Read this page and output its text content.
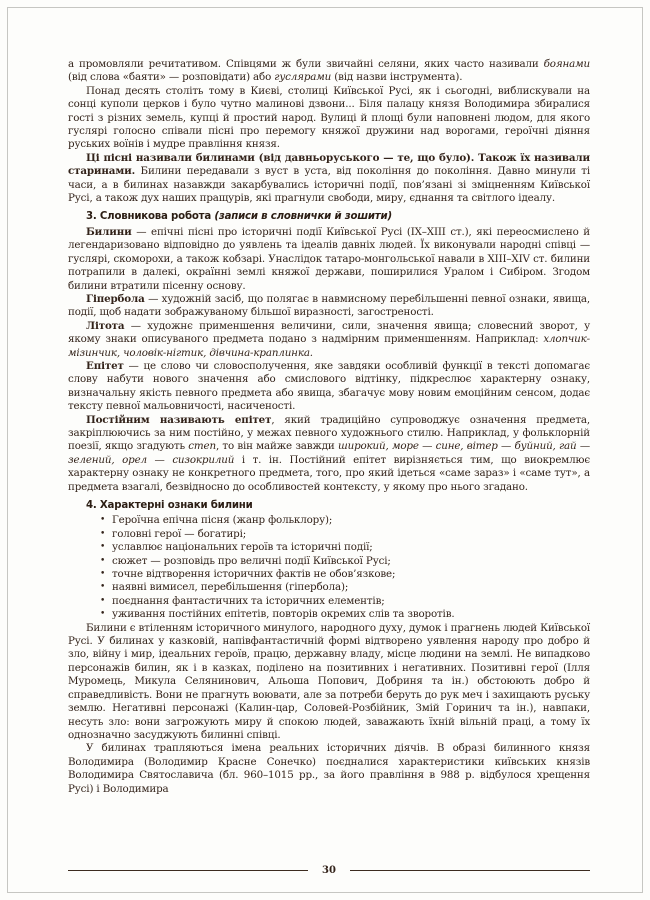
а промовляли речитативом. Співцями ж були звичайні селяни, яких часто називали боянами (від слова «баяти» — розповідати) або гуслярами (від назви інструмента).

Понад десять століть тому в Києві, столиці Київської Русі, як і сьогодні, виблискували на сонці куполи церков і було чутно малинові дзвони... Біля палацу князя Володимира збиралися гості з різних земель, купці й простий народ. Вулиці й площі були наповнені людом, для якого гуслярі голосно співали пісні про перемогу княжої дружини над ворогами, героїчні діяння руських воїнів і мудре правління князя.

Ці пісні називали билинами (від давньоруського — те, що було). Також їх називали старинами. Билини передавали з вуст в уста, від покоління до покоління. Давно минули ті часи, а в билинах назавжди закарбувались історичні події, пов’язані зі зміцненням Київської Русі, а також дух наших пращурів, які прагнули свободи, миру, єднання та світлого ідеалу.

3. Словникова робота (записи в словнички й зошити)

Билини — епічні пісні про історичні події Київської Русі (IX–XIII ст.), які переосмислено й легендаризовано відповідно до уявлень та ідеалів давніх людей. Їх виконували народні співці — гуслярі, скоморохи, а також кобзарі. Унаслідок татаро-монгольської навали в XIII–XIV ст. билини потрапили в далекі, окраїнні землі княжої держави, поширилися Уралом і Сибіром. Згодом билини втратили пісенну основу.

Гіпербола — художній засіб, що полягає в навмисному перебільшенні певної ознаки, явища, події, щоб надати зображуваному більшої виразності, загостреності.

Літота — художнє применшення величини, сили, значення явища; словесний зворот, у якому знаки описуваного предмета подано з надмірним применшенням. Наприклад: хлопчик-мізинчик, чоловік-нігтик, дівчина-краплинка.

Епітет — це слово чи словосполучення, яке завдяки особливій функції в тексті допомагає слову набути нового значення або смислового відтінку, підкреслює характерну ознаку, визначальну якість певного предмета або явища, збагачує мову новим емоційним сенсом, додає тексту певної мальовничості, насиченості.

Постійним називають епітет, який традиційно супроводжує означення предмета, закріплюючись за ним постійно, у межах певного художнього стилю. Наприклад, у фольклорній поезії, якщо згадують степ, то він майже завжди широкий, море — сине, вітер — буйний, гай — зелений, орел — сизокрилий і т. ін. Постійний епітет вирізняється тим, що виокремлює характерну ознаку не конкретного предмета, того, про який ідеться «саме зараз» і «саме тут», а предмета взагалі, безвідносно до особливостей контексту, у якому про нього згадано.

4. Характерні ознаки билини
• Героїчна епічна пісня (жанр фольклору);
• головні герої — богатирі;
• уславлює національних героїв та історичні події;
• сюжет — розповідь про величні події Київської Русі;
• точне відтворення історичних фактів не обов’язкове;
• наявні вимисел, перебільшення (гіпербола);
• поєднання фантастичних та історичних елементів;
• уживання постійних епітетів, повторів окремих слів та зворотів.

Билини є втіленням історичного минулого, народного духу, думок і прагнень людей Київської Русі. У билинах у казковій, напівфантастичній формі відтворено уявлення народу про добро й зло, війну і мир, ідеальних героїв, працю, державну владу, місце людини на землі. Не випадково персонажів билин, як і в казках, поділено на позитивних і негативних. Позитивні герої (Ілля Муромець, Микула Селянинович, Альоша Попович, Добриня та ін.) обстоюють добро й справедливість. Вони не прагнуть воювати, але за потреби беруть до рук меч і захищають руську землю. Негативні персонажі (Калин-цар, Соловей-Розбійник, Змій Горинич та ін.), навпаки, несуть зло: вони загрожують миру й спокою людей, заважають їхній вільній праці, а тому їх однозначно засуджують билинні співці.

У билинах трапляються імена реальних історичних діячів. В образі билинного князя Володимира (Володимир Красне Сонечко) поєдналися характеристики київських князів Володимира Святославича (бл. 960–1015 рр., за його правління в 988 р. відбулося хрещення Русі) і Володимира

30
